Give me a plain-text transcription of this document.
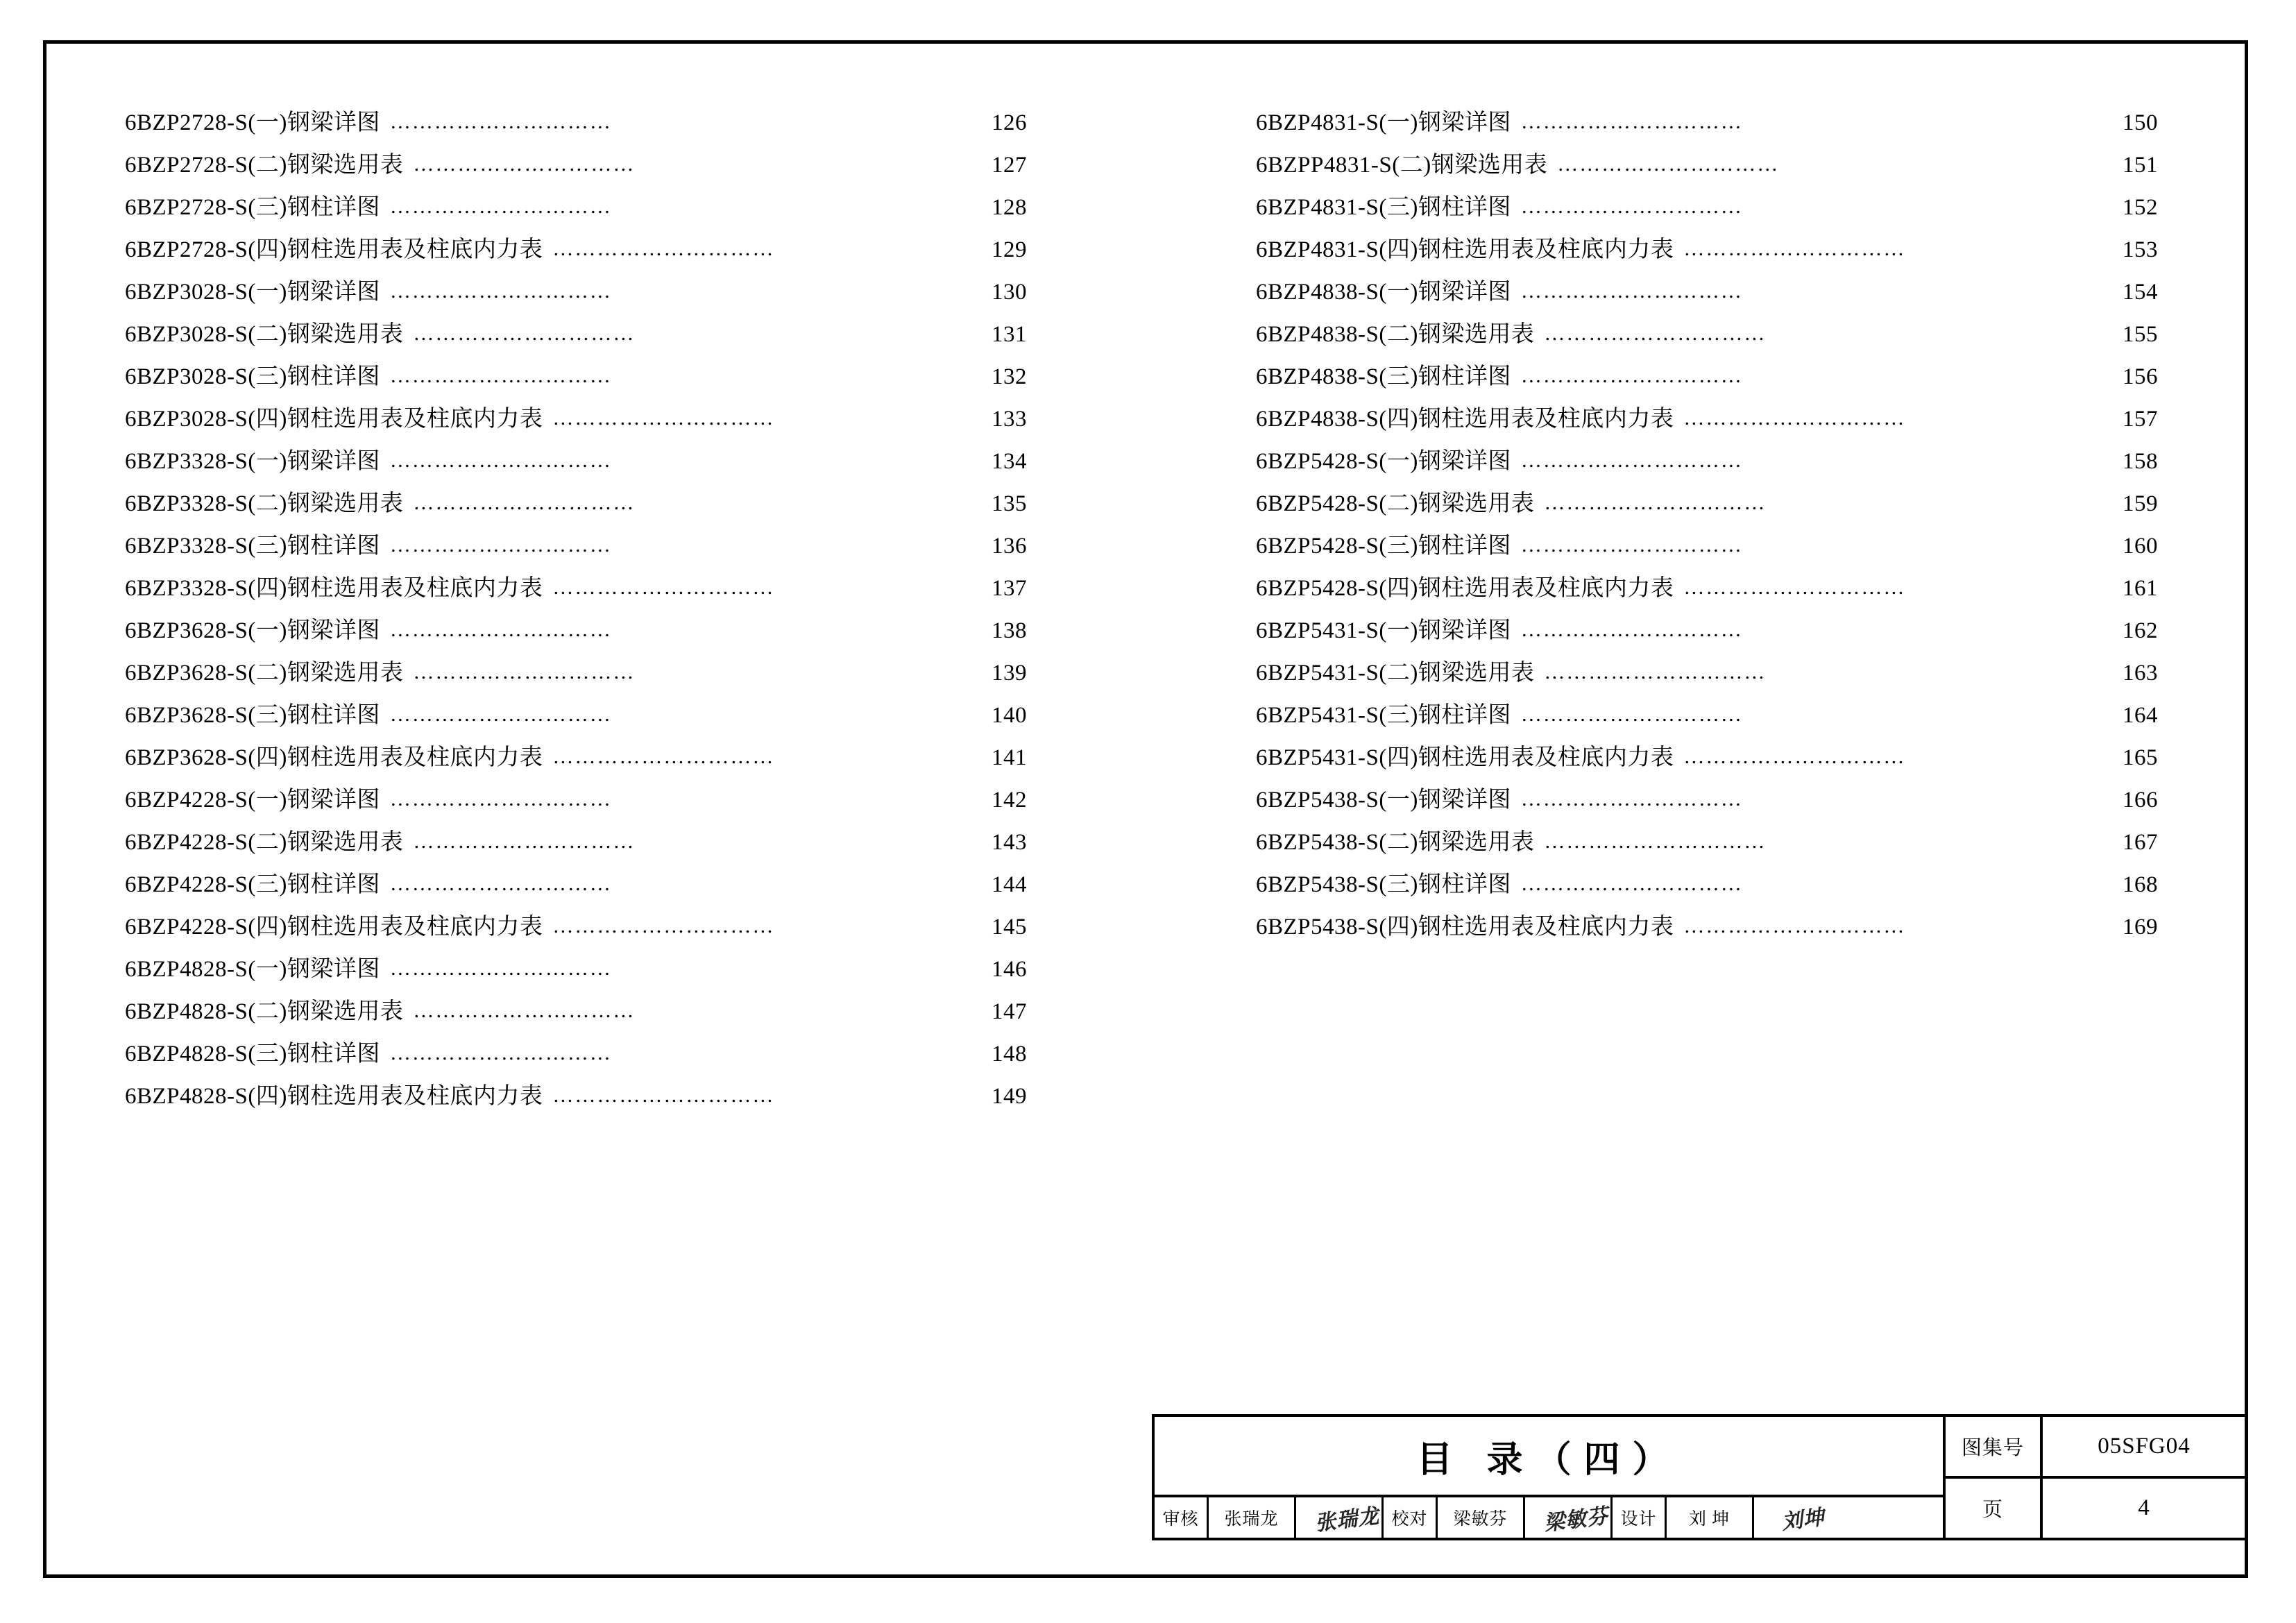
6BZP2728-S(一)钢梁详图 …………………………	126
6BZP2728-S(二)钢梁选用表 …………………………	127
6BZP2728-S(三)钢柱详图 …………………………	128
6BZP2728-S(四)钢柱选用表及柱底内力表 …………………………	129
6BZP3028-S(一)钢梁详图 …………………………	130
6BZP3028-S(二)钢梁选用表 …………………………	131
6BZP3028-S(三)钢柱详图 …………………………	132
6BZP3028-S(四)钢柱选用表及柱底内力表 …………………………	133
6BZP3328-S(一)钢梁详图 …………………………	134
6BZP3328-S(二)钢梁选用表 …………………………	135
6BZP3328-S(三)钢柱详图 …………………………	136
6BZP3328-S(四)钢柱选用表及柱底内力表 …………………………	137
6BZP3628-S(一)钢梁详图 …………………………	138
6BZP3628-S(二)钢梁选用表 …………………………	139
6BZP3628-S(三)钢柱详图 …………………………	140
6BZP3628-S(四)钢柱选用表及柱底内力表 …………………………	141
6BZP4228-S(一)钢梁详图 …………………………	142
6BZP4228-S(二)钢梁选用表 …………………………	143
6BZP4228-S(三)钢柱详图 …………………………	144
6BZP4228-S(四)钢柱选用表及柱底内力表 …………………………	145
6BZP4828-S(一)钢梁详图 …………………………	146
6BZP4828-S(二)钢梁选用表 …………………………	147
6BZP4828-S(三)钢柱详图 …………………………	148
6BZP4828-S(四)钢柱选用表及柱底内力表 …………………………	149
6BZP4831-S(一)钢梁详图 …………………………	150
6BZPP4831-S(二)钢梁选用表 …………………………	151
6BZP4831-S(三)钢柱详图 …………………………	152
6BZP4831-S(四)钢柱选用表及柱底内力表 …………………………	153
6BZP4838-S(一)钢梁详图 …………………………	154
6BZP4838-S(二)钢梁选用表 …………………………	155
6BZP4838-S(三)钢柱详图 …………………………	156
6BZP4838-S(四)钢柱选用表及柱底内力表 …………………………	157
6BZP5428-S(一)钢梁详图 …………………………	158
6BZP5428-S(二)钢梁选用表 …………………………	159
6BZP5428-S(三)钢柱详图 …………………………	160
6BZP5428-S(四)钢柱选用表及柱底内力表 …………………………	161
6BZP5431-S(一)钢梁详图 …………………………	162
6BZP5431-S(二)钢梁选用表 …………………………	163
6BZP5431-S(三)钢柱详图 …………………………	164
6BZP5431-S(四)钢柱选用表及柱底内力表 …………………………	165
6BZP5438-S(一)钢梁详图 …………………………	166
6BZP5438-S(二)钢梁选用表 …………………………	167
6BZP5438-S(三)钢柱详图 …………………………	168
6BZP5438-S(四)钢柱选用表及柱底内力表 …………………………	169
目 录（四）
审核	张瑞龙	张瑞龙 校对	梁敏芬	梁敏芬 设计	刘 坤	刘坤
图集号	05SFG04
页	4
